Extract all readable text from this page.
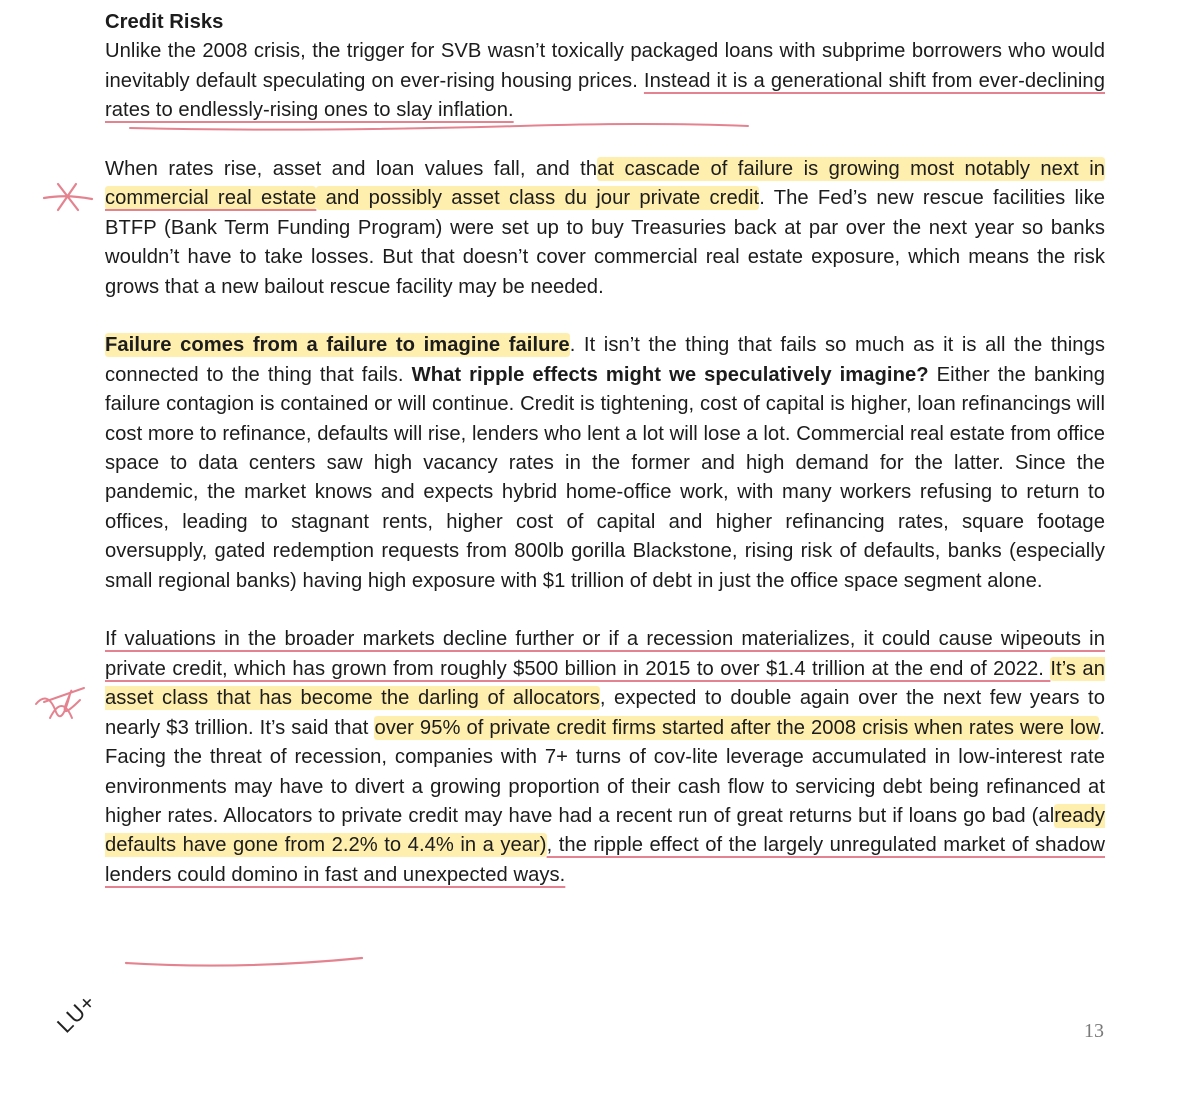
Credit Risks

Unlike the 2008 crisis, the trigger for SVB wasn’t toxically packaged loans with subprime borrowers who would inevitably default speculating on ever-rising housing prices. Instead it is a generational shift from ever-declining rates to endlessly-rising ones to slay inflation.

When rates rise, asset and loan values fall, and that cascade of failure is growing most notably next in commercial real estate and possibly asset class du jour private credit. The Fed’s new rescue facilities like BTFP (Bank Term Funding Program) were set up to buy Treasuries back at par over the next year so banks wouldn’t have to take losses. But that doesn’t cover commercial real estate exposure, which means the risk grows that a new bailout rescue facility may be needed.

Failure comes from a failure to imagine failure. It isn’t the thing that fails so much as it is all the things connected to the thing that fails. What ripple effects might we speculatively imagine? Either the banking failure contagion is contained or will continue. Credit is tightening, cost of capital is higher, loan refinancings will cost more to refinance, defaults will rise, lenders who lent a lot will lose a lot. Commercial real estate from office space to data centers saw high vacancy rates in the former and high demand for the latter. Since the pandemic, the market knows and expects hybrid home-office work, with many workers refusing to return to offices, leading to stagnant rents, higher cost of capital and higher refinancing rates, square footage oversupply, gated redemption requests from 800lb gorilla Blackstone, rising risk of defaults, banks (especially small regional banks) having high exposure with $1 trillion of debt in just the office space segment alone.

If valuations in the broader markets decline further or if a recession materializes, it could cause wipeouts in private credit, which has grown from roughly $500 billion in 2015 to over $1.4 trillion at the end of 2022. It’s an asset class that has become the darling of allocators, expected to double again over the next few years to nearly $3 trillion. It’s said that over 95% of private credit firms started after the 2008 crisis when rates were low. Facing the threat of recession, companies with 7+ turns of cov-lite leverage accumulated in low-interest rate environments may have to divert a growing proportion of their cash flow to servicing debt being refinanced at higher rates. Allocators to private credit may have had a recent run of great returns but if loans go bad (already defaults have gone from 2.2% to 4.4% in a year), the ripple effect of the largely unregulated market of shadow lenders could domino in fast and unexpected ways.

LU+	13
